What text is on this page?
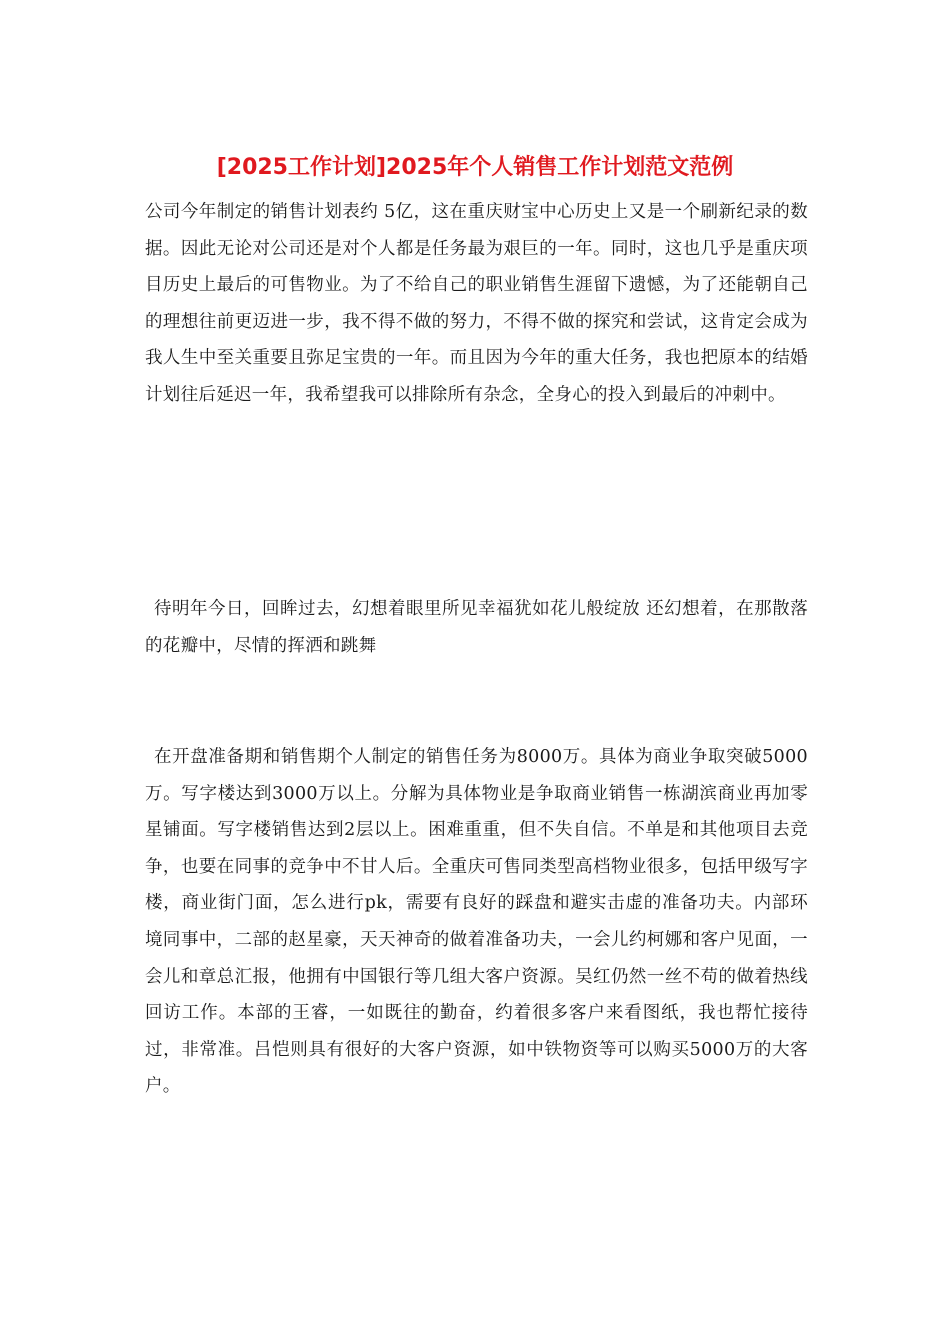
[2025工作计划]2025年个人销售工作计划范文范例

公司今年制定的销售计划表约 5亿，这在重庆财宝中心历史上又是一个刷新纪录的数据。因此无论对公司还是对个人都是任务最为艰巨的一年。同时，这也几乎是重庆项目历史上最后的可售物业。为了不给自己的职业销售生涯留下遗憾，为了还能朝自己的理想往前更迈进一步，我不得不做的努力，不得不做的探究和尝试，这肯定会成为我人生中至关重要且弥足宝贵的一年。而且因为今年的重大任务，我也把原本的结婚计划往后延迟一年，我希望我可以排除所有杂念，全身心的投入到最后的冲刺中。

待明年今日，回眸过去，幻想着眼里所见幸福犹如花儿般绽放 还幻想着，在那散落的花瓣中，尽情的挥洒和跳舞

在开盘准备期和销售期个人制定的销售任务为8000万。具体为商业争取突破5000万。写字楼达到3000万以上。分解为具体物业是争取商业销售一栋湖滨商业再加零星铺面。写字楼销售达到2层以上。困难重重，但不失自信。不单是和其他项目去竞争，也要在同事的竞争中不甘人后。全重庆可售同类型高档物业很多，包括甲级写字楼，商业街门面，怎么进行pk，需要有良好的踩盘和避实击虚的准备功夫。内部环境同事中，二部的赵星豪，天天神奇的做着准备功夫，一会儿约柯娜和客户见面，一会儿和章总汇报，他拥有中国银行等几组大客户资源。吴红仍然一丝不苟的做着热线回访工作。本部的王睿，一如既往的勤奋，约着很多客户来看图纸，我也帮忙接待过，非常准。吕恺则具有很好的大客户资源，如中铁物资等可以购买5000万的大客户。
